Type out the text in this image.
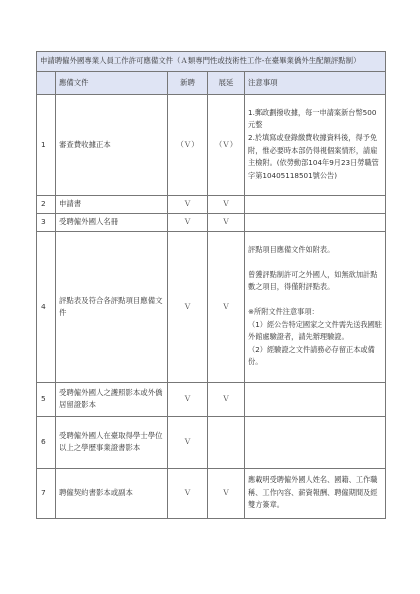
申請聘僱外國專業人員工作許可應備文件（Ａ類專門性或技術性工作-在臺畢業僑外生配額評點制）				
	應備文件	新聘	展延	注意事項
1	審查費收據正本	（Ｖ）	（Ｖ）	1.郵政劃撥收據，每一申請案新台幣500元整

2.於填寫或登錄繳費收據資料後，得予免附，惟必要時本部仍得視個案情形，請雇主檢附。(依勞動部104年9月23日勞職管字第10405118501號公告)

2	申請書	Ｖ	Ｖ	
3	受聘僱外國人名冊	Ｖ	Ｖ	
4	評點表及符合各評點項目應備文件	Ｖ	Ｖ	評點項目應備文件如附表。

曾獲評點制許可之外國人，如無欲加計點數之項目，得僅附評點表。

※所附文件注意事項：

（1）經公告特定國家之文件需先送我國駐外館處驗證者，請先辦理驗證。

（2）經驗證之文件請務必存留正本或備份。

5	受聘僱外國人之護照影本或外僑居留證影本	Ｖ	Ｖ	
6	受聘僱外國人在臺取得學士學位以上之學歷事業證書影本	Ｖ		
7	聘僱契約書影本或副本	Ｖ	Ｖ	應載明受聘僱外國人姓名、國籍、工作職稱、工作內容、薪資報酬、聘僱期間及經雙方簽章。
